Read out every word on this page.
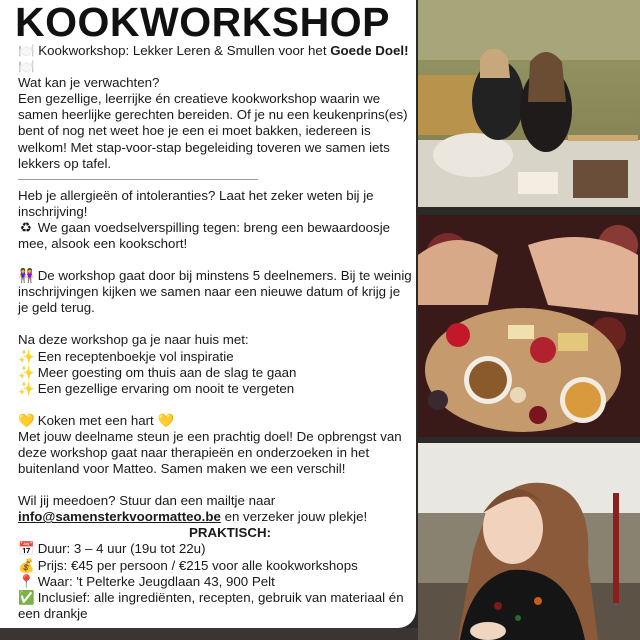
KOOKWORKSHOP

🍽️ Kookworkshop: Lekker Leren & Smullen voor het Goede Doel! 🍽️

Wat kan je verwachten?

Een gezellige, leerrijke én creatieve kookworkshop waarin we samen heerlijke gerechten bereiden. Of je nu een keukenprins(es) bent of nog net weet hoe je een ei moet bakken, iedereen is welkom! Met stap-voor-stap begeleiding toveren we samen iets lekkers op tafel.

Heb je allergieën of intoleranties? Laat het zeker weten bij je inschrijving!

♻ We gaan voedselverspilling tegen: breng een bewaardoosje mee, alsook een kookschort!

👭 De workshop gaat door bij minstens 5 deelnemers. Bij te weinig inschrijvingen kijken we samen naar een nieuwe datum of krijg je je geld terug.

Na deze workshop ga je naar huis met:

✨ Een receptenboekje vol inspiratie

✨ Meer goesting om thuis aan de slag te gaan

✨ Een gezellige ervaring om nooit te vergeten

💛 Koken met een hart 💛

Met jouw deelname steun je een prachtig doel! De opbrengst van deze workshop gaat naar therapieën en onderzoeken in het buitenland voor Matteo. Samen maken we een verschil!

Wil jij meedoen? Stuur dan een mailtje naar

info@samensterkvoormatteo.be en verzeker jouw plekje!

PRAKTISCH:

📅 Duur: 3 – 4 uur (19u tot 22u)

💰 Prijs: €45 per persoon / €215 voor alle kookworkshops

📍 Waar: 't Pelterke Jeugdlaan 43, 900 Pelt

✅ Inclusief: alle ingrediënten, recepten, gebruik van materiaal én een drankje
